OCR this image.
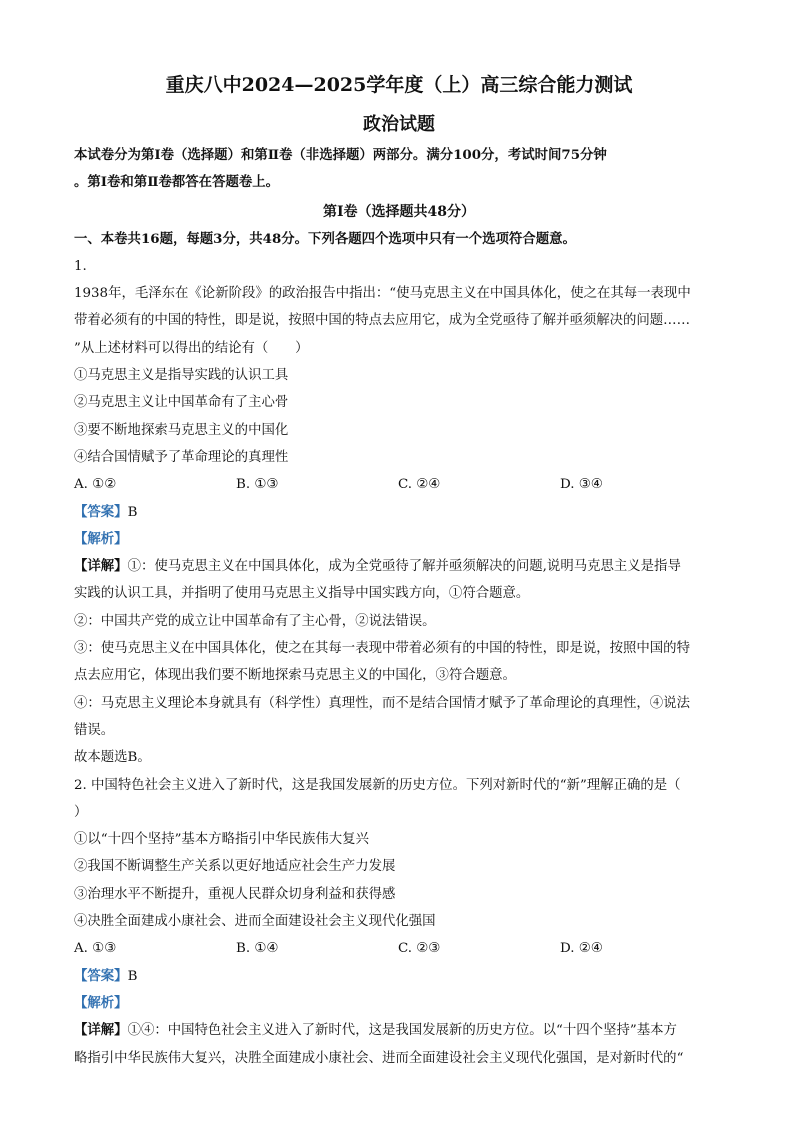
重庆八中2024—2025学年度（上）高三综合能力测试
政治试题
本试卷分为第Ⅰ卷（选择题）和第Ⅱ卷（非选择题）两部分。满分100分，考试时间75分钟
。第Ⅰ卷和第Ⅱ卷都答在答题卷上。
第Ⅰ卷（选择题共48分）
一、本卷共16题，每题3分，共48分。下列各题四个选项中只有一个选项符合题意。
1.
1938年，毛泽东在《论新阶段》的政治报告中指出：“使马克思主义在中国具体化，使之在其每一表现中
带着必须有的中国的特性，即是说，按照中国的特点去应用它，成为全党亟待了解并亟须解决的问题……
”从上述材料可以得出的结论有（　　）
①马克思主义是指导实践的认识工具
②马克思主义让中国革命有了主心骨
③要不断地探索马克思主义的中国化
④结合国情赋予了革命理论的真理性
A. ①②	B. ①③	C. ②④	D. ③④
【答案】B
【解析】
【详解】①：使马克思主义在中国具体化，成为全党亟待了解并亟须解决的问题,说明马克思主义是指导
实践的认识工具，并指明了使用马克思主义指导中国实践方向，①符合题意。
②：中国共产党的成立让中国革命有了主心骨，②说法错误。
③：使马克思主义在中国具体化，使之在其每一表现中带着必须有的中国的特性，即是说，按照中国的特
点去应用它，体现出我们要不断地探索马克思主义的中国化，③符合题意。
④：马克思主义理论本身就具有（科学性）真理性，而不是结合国情才赋予了革命理论的真理性，④说法
错误。
故本题选B。
2. 中国特色社会主义进入了新时代，这是我国发展新的历史方位。下列对新时代的“新”理解正确的是（
）
①以“十四个坚持”基本方略指引中华民族伟大复兴
②我国不断调整生产关系以更好地适应社会生产力发展
③治理水平不断提升，重视人民群众切身利益和获得感
④决胜全面建成小康社会、进而全面建设社会主义现代化强国
A. ①③	B. ①④	C. ②③	D. ②④
【答案】B
【解析】
【详解】①④：中国特色社会主义进入了新时代，这是我国发展新的历史方位。以“十四个坚持”基本方
略指引中华民族伟大复兴，决胜全面建成小康社会、进而全面建设社会主义现代化强国，是对新时代的“
